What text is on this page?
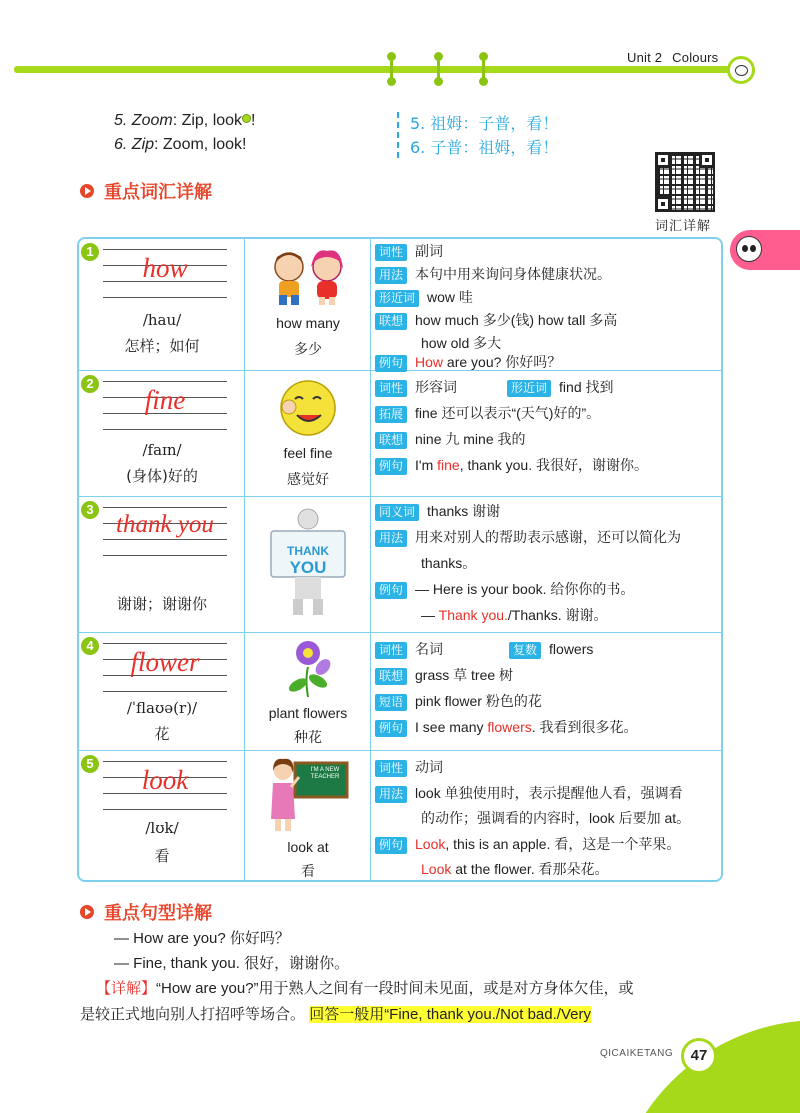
Unit 2 Colours
5. Zoom: Zip, look !
6. Zip: Zoom, look!
5. 祖姆：子普，看！
6. 子普：祖姆，看！
重点词汇详解
词汇详解
1
how
/hau/
怎样；如何
how many
多少
词性 副词
用法 本句中用来询问身体健康状况。
形近词 wow 哇
联想 how much 多少(钱) how tall 多高
how old 多大
例句 How are you? 你好吗？
2
fine
/faɪn/
(身体)好的
feel fine
感觉好
词性 形容词	形近词 find 找到
拓展 fine 还可以表示“(天气)好的”。
联想 nine 九 mine 我的
例句 I'm fine, thank you. 我很好，谢谢你。
3
thank you
谢谢；谢谢你
THANK
YOU
同义词 thanks 谢谢
用法 用来对别人的帮助表示感谢，还可以简化为
thanks。
例句 — Here is your book. 给你你的书。
— Thank you./Thanks. 谢谢。
4
flower
/ˈflaʊə(r)/
花
plant flowers
种花
词性 名词	复数 flowers
联想 grass 草 tree 树
短语 pink flower 粉色的花
例句 I see many flowers. 我看到很多花。
5
look
/lʊk/
看
I'M A NEW TEACHER
look at
看
词性 动词
用法 look 单独使用时，表示提醒他人看，强调看
的动作；强调看的内容时，look 后要加 at。
例句 Look, this is an apple. 看，这是一个苹果。
Look at the flower. 看那朵花。
重点句型详解
— How are you? 你好吗？
— Fine, thank you. 很好，谢谢你。
【详解】“How are you?”用于熟人之间有一段时间未见面，或是对方身体欠佳，或
是较正式地向别人打招呼等场合。 回答一般用“Fine, thank you./Not bad./Very
QICAIKETANG	47
